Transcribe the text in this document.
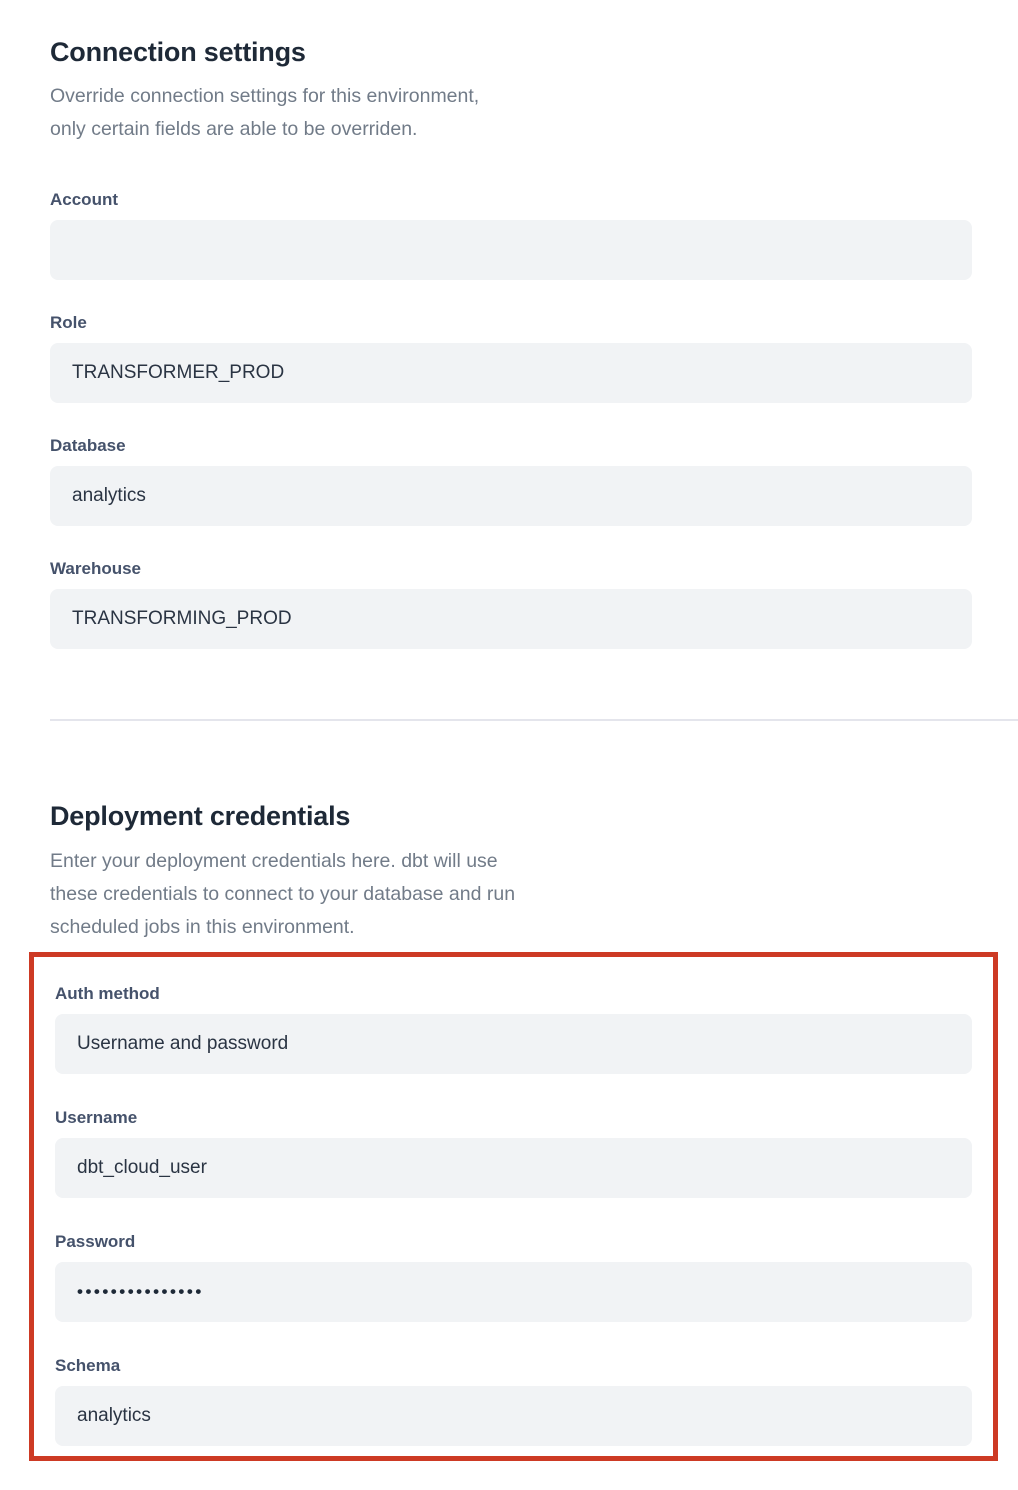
Connection settings
Override connection settings for this environment,
only certain fields are able to be overriden.
Account
Role
TRANSFORMER_PROD
Database
analytics
Warehouse
TRANSFORMING_PROD
Deployment credentials
Enter your deployment credentials here. dbt will use
these credentials to connect to your database and run
scheduled jobs in this environment.
Auth method
Username and password
Username
dbt_cloud_user
Password
•••••••••••••••
Schema
analytics
